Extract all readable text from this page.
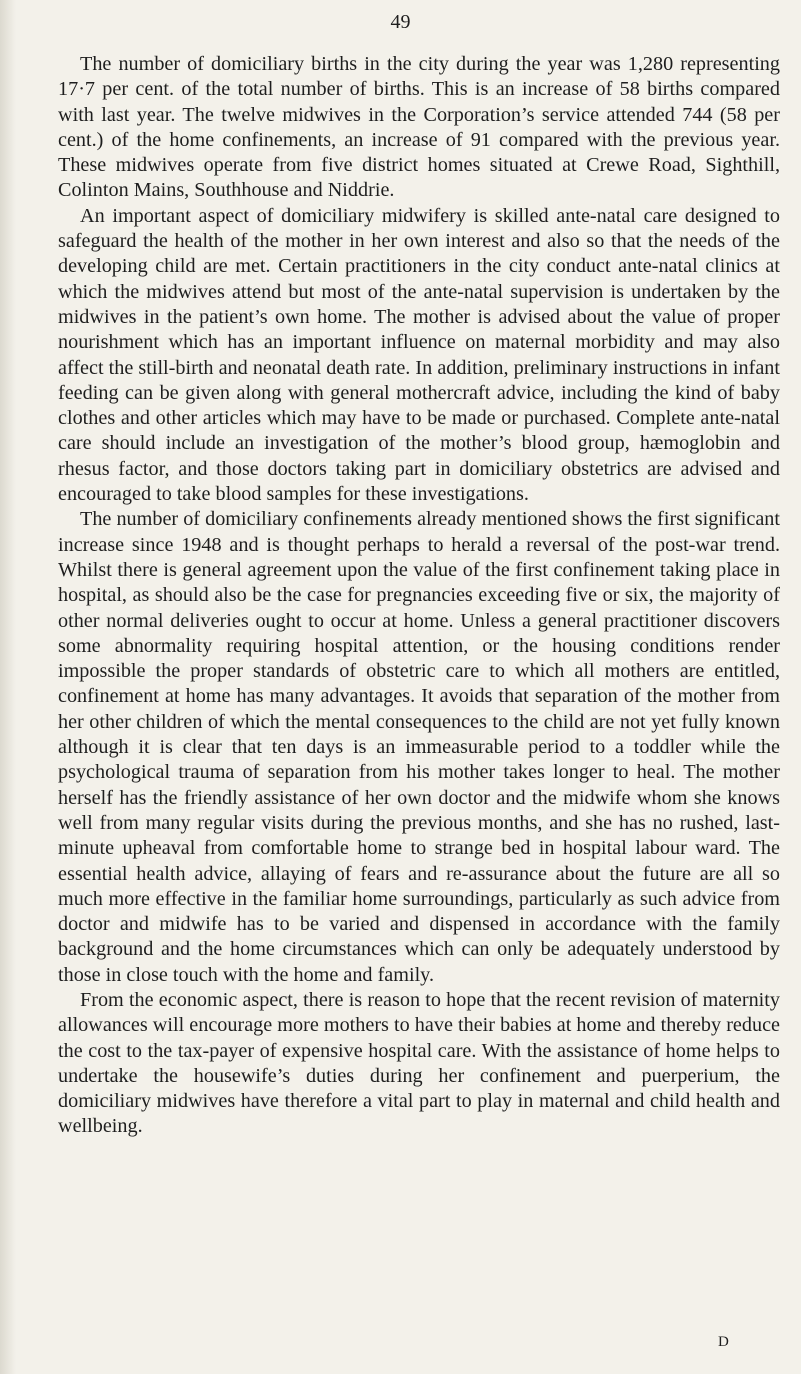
49

The number of domiciliary births in the city during the year was 1,280 representing 17·7 per cent. of the total number of births. This is an increase of 58 births compared with last year. The twelve midwives in the Corporation’s service attended 744 (58 per cent.) of the home confinements, an increase of 91 compared with the previous year. These midwives operate from five district homes situated at Crewe Road, Sighthill, Colinton Mains, Southhouse and Niddrie.

An important aspect of domiciliary midwifery is skilled ante-natal care designed to safeguard the health of the mother in her own interest and also so that the needs of the developing child are met. Certain practitioners in the city conduct ante-natal clinics at which the midwives attend but most of the ante-natal supervision is undertaken by the midwives in the patient’s own home. The mother is advised about the value of proper nourishment which has an important influence on maternal morbidity and may also affect the still-birth and neonatal death rate. In addition, preliminary instructions in infant feeding can be given along with general mothercraft advice, including the kind of baby clothes and other articles which may have to be made or purchased. Complete ante-natal care should include an investigation of the mother’s blood group, hæmoglobin and rhesus factor, and those doctors taking part in domiciliary obstetrics are advised and encouraged to take blood samples for these investigations.

The number of domiciliary confinements already mentioned shows the first significant increase since 1948 and is thought perhaps to herald a reversal of the post-war trend. Whilst there is general agreement upon the value of the first confinement taking place in hospital, as should also be the case for pregnancies exceeding five or six, the majority of other normal deliveries ought to occur at home. Unless a general practitioner discovers some abnormality requiring hospital attention, or the housing conditions render impossible the proper standards of obstetric care to which all mothers are entitled, confinement at home has many advantages. It avoids that separation of the mother from her other children of which the mental consequences to the child are not yet fully known although it is clear that ten days is an immeasurable period to a toddler while the psychological trauma of separation from his mother takes longer to heal. The mother herself has the friendly assistance of her own doctor and the midwife whom she knows well from many regular visits during the previous months, and she has no rushed, last-minute upheaval from comfortable home to strange bed in hospital labour ward. The essential health advice, allaying of fears and re-assurance about the future are all so much more effective in the familiar home surroundings, particularly as such advice from doctor and midwife has to be varied and dispensed in accordance with the family background and the home circumstances which can only be adequately understood by those in close touch with the home and family.

From the economic aspect, there is reason to hope that the recent revision of maternity allowances will encourage more mothers to have their babies at home and thereby reduce the cost to the tax-payer of expensive hospital care. With the assistance of home helps to undertake the housewife’s duties during her confinement and puerperium, the domiciliary midwives have therefore a vital part to play in maternal and child health and wellbeing.

D
